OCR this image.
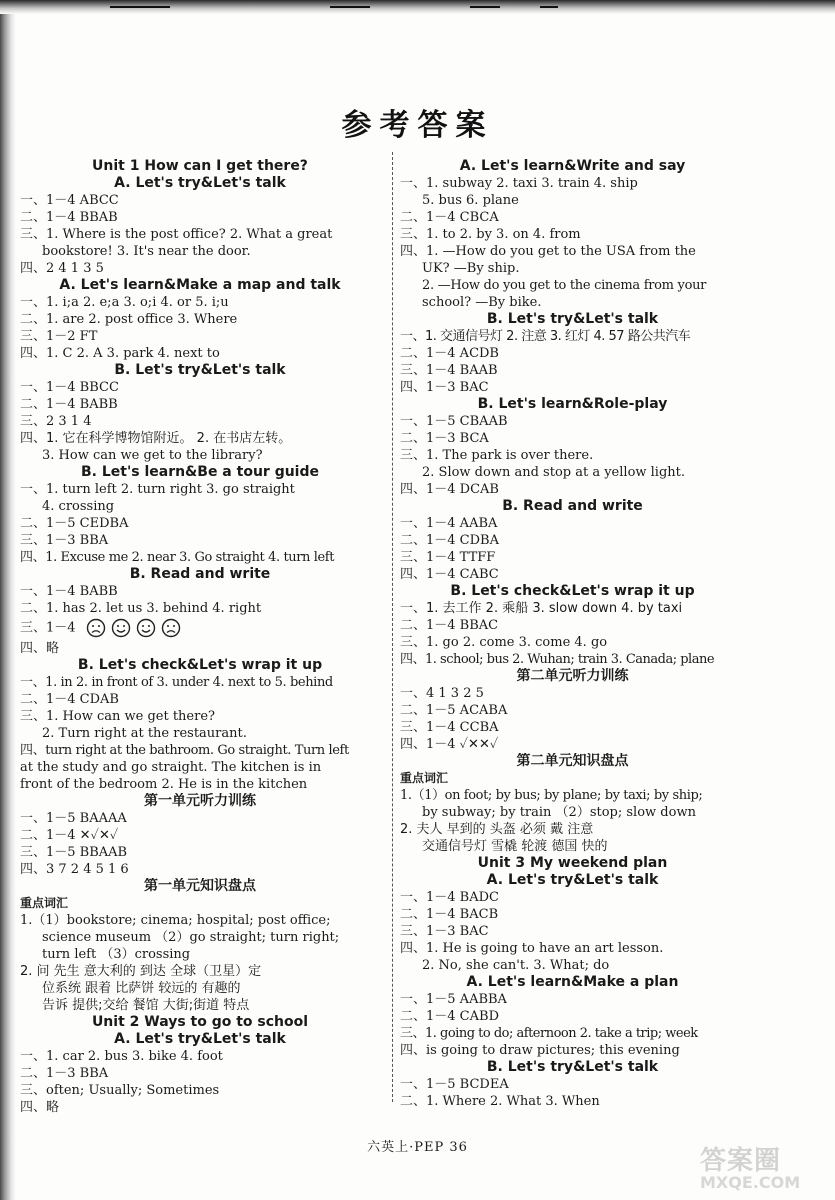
参考答案
Unit 1 How can I get there?
A. Let's try&Let's talk
一、1－4 ABCC
二、1－4 BBAB
三、1. Where is the post office? 2. What a great
bookstore! 3. It's near the door.
四、2 4 1 3 5
A. Let's learn&Make a map and talk
一、1. i;a 2. e;a 3. o;i 4. or 5. i;u
二、1. are 2. post office 3. Where
三、1－2 FT
四、1. C 2. A 3. park 4. next to
B. Let's try&Let's talk
一、1－4 BBCC
二、1－4 BABB
三、2 3 1 4
四、1. 它在科学博物馆附近。 2. 在书店左转。
3. How can we get to the library?
B. Let's learn&Be a tour guide
一、1. turn left 2. turn right 3. go straight
4. crossing
二、1－5 CEDBA
三、1－3 BBA
四、1. Excuse me 2. near 3. Go straight 4. turn left
B. Read and write
一、1－4 BABB
二、1. has 2. let us 3. behind 4. right
三、1－4
四、略
B. Let's check&Let's wrap it up
一、1. in 2. in front of 3. under 4. next to 5. behind
二、1－4 CDAB
三、1. How can we get there?
2. Turn right at the restaurant.
四、turn right at the bathroom. Go straight. Turn left
at the study and go straight. The kitchen is in
front of the bedroom 2. He is in the kitchen
第一单元听力训练
一、1－5 BAAAA
二、1－4 ✕✓✕✓
三、1－5 BBAAB
四、3 7 2 4 5 1 6
第一单元知识盘点
重点词汇
1.（1）bookstore; cinema; hospital; post office;
science museum （2）go straight; turn right;
turn left （3）crossing
2. 问 先生 意大利的 到达 全球（卫星）定
位系统 跟着 比萨饼 较远的 有趣的
告诉 提供;交给 餐馆 大街;街道 特点
Unit 2 Ways to go to school
A. Let's try&Let's talk
一、1. car 2. bus 3. bike 4. foot
二、1－3 BBA
三、often; Usually; Sometimes
四、略
A. Let's learn&Write and say
一、1. subway 2. taxi 3. train 4. ship
5. bus 6. plane
二、1－4 CBCA
三、1. to 2. by 3. on 4. from
四、1. —How do you get to the USA from the
UK? —By ship.
2. —How do you get to the cinema from your
school? —By bike.
B. Let's try&Let's talk
一、1. 交通信号灯 2. 注意 3. 红灯 4. 57 路公共汽车
二、1－4 ACDB
三、1－4 BAAB
四、1－3 BAC
B. Let's learn&Role-play
一、1－5 CBAAB
二、1－3 BCA
三、1. The park is over there.
2. Slow down and stop at a yellow light.
四、1－4 DCAB
B. Read and write
一、1－4 AABA
二、1－4 CDBA
三、1－4 TTFF
四、1－4 CABC
B. Let's check&Let's wrap it up
一、1. 去工作 2. 乘船 3. slow down 4. by taxi
二、1－4 BBAC
三、1. go 2. come 3. come 4. go
四、1. school; bus 2. Wuhan; train 3. Canada; plane
第二单元听力训练
一、4 1 3 2 5
二、1－5 ACABA
三、1－4 CCBA
四、1－4 ✓✕✕✓
第二单元知识盘点
重点词汇
1.（1）on foot; by bus; by plane; by taxi; by ship;
by subway; by train （2）stop; slow down
2. 夫人 早到的 头盔 必须 戴 注意
交通信号灯 雪橇 轮渡 德国 快的
Unit 3 My weekend plan
A. Let's try&Let's talk
一、1－4 BADC
二、1－4 BACB
三、1－3 BAC
四、1. He is going to have an art lesson.
2. No, she can't. 3. What; do
A. Let's learn&Make a plan
一、1－5 AABBA
二、1－4 CABD
三、1. going to do; afternoon 2. take a trip; week
四、is going to draw pictures; this evening
B. Let's try&Let's talk
一、1－5 BCDEA
二、1. Where 2. What 3. When
六英上·PEP 36	答案圈
MXQE.COM
